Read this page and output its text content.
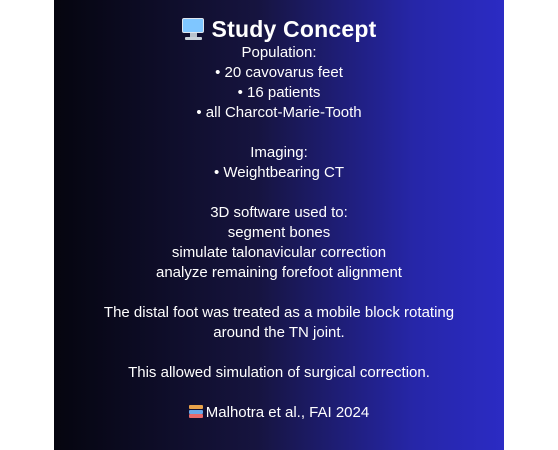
Study Concept
Population:
• 20 cavovarus feet
• 16 patients
• all Charcot-Marie-Tooth
Imaging:
• Weightbearing CT
3D software used to:
segment bones
simulate talonavicular correction
analyze remaining forefoot alignment
The distal foot was treated as a mobile block rotating
around the TN joint.
This allowed simulation of surgical correction.
Malhotra et al., FAI 2024
